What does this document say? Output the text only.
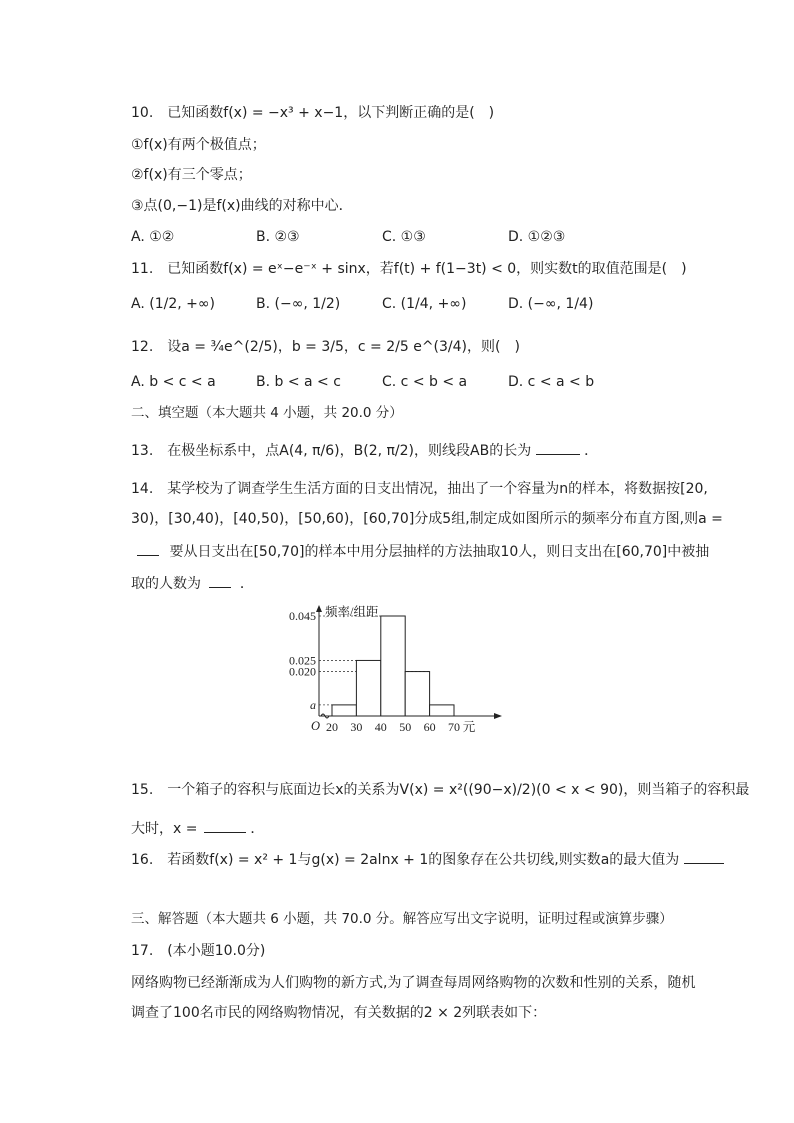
10. 已知函数f(x) = −x³ + x−1，以下判断正确的是( )
①f(x)有两个极值点；
②f(x)有三个零点；
③点(0,−1)是f(x)曲线的对称中心．
A. ①②	B. ②③	C. ①③	D. ①②③
11. 已知函数f(x) = eˣ−e⁻ˣ + sinx，若f(t) + f(1−3t) < 0，则实数t的取值范围是( )
A. (1/2, +∞)	B. (−∞, 1/2)	C. (1/4, +∞)	D. (−∞, 1/4)
12. 设a = ¾e^(2/5)，b = 3/5，c = 2/5 e^(3/4)，则( )
A. b < c < a	B. b < a < c	C. c < b < a	D. c < a < b
二、填空题（本大题共 4 小题，共 20.0 分）
13. 在极坐标系中，点A(4, π/6)，B(2, π/2)，则线段AB的长为	．
14. 某学校为了调查学生生活方面的日支出情况，抽出了一个容量为n的样本，将数据按[20,
30)，[30,40)，[40,50)，[50,60)，[60,70]分成5组,制定成如图所示的频率分布直方图,则a =
要从日支出在[50,70]的样本中用分层抽样的方法抽取10人，则日支出在[60,70]中被抽
取的人数为	．
0.045
0.025
0.020
a
频率/组距
O 20 30 40 50 60 70 元
15. 一个箱子的容积与底面边长x的关系为V(x) = x²((90−x)/2)(0 < x < 90)，则当箱子的容积最
大时，x =	．
16. 若函数f(x) = x² + 1与g(x) = 2alnx + 1的图象存在公共切线,则实数a的最大值为
三、解答题（本大题共 6 小题，共 70.0 分。解答应写出文字说明，证明过程或演算步骤）
17. (本小题10.0分)
网络购物已经渐渐成为人们购物的新方式,为了调查每周网络购物的次数和性别的关系，随机
调查了100名市民的网络购物情况，有关数据的2 × 2列联表如下：
